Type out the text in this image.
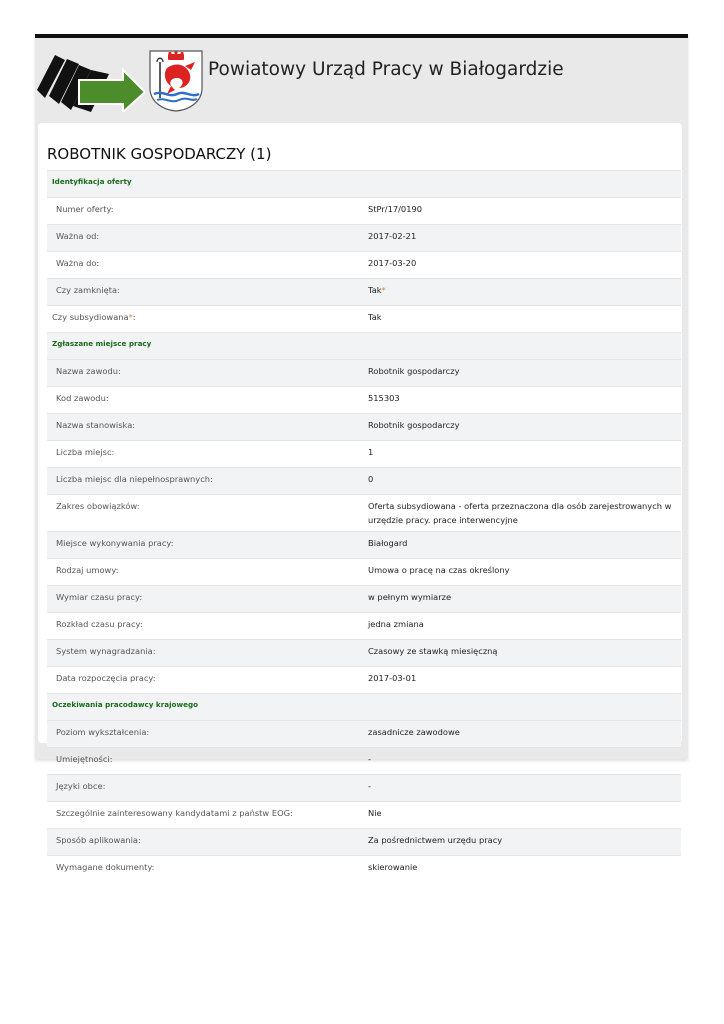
Powiatowy Urząd Pracy w Białogardzie
ROBOTNIK GOSPODARCZY (1)
Identyfikacja oferty	
Numer oferty:	StPr/17/0190
Ważna od:	2017-02-21
Ważna do:	2017-03-20
Czy zamknięta:	Tak*
Czy subsydiowana*:	Tak
Zgłaszane miejsce pracy	
Nazwa zawodu:	Robotnik gospodarczy
Kod zawodu:	515303
Nazwa stanowiska:	Robotnik gospodarczy
Liczba miejsc:	1
Liczba miejsc dla niepełnosprawnych:	0
Zakres obowiązków:	Oferta subsydiowana - oferta przeznaczona dla osób zarejestrowanych w urzędzie pracy. prace interwencyjne
Miejsce wykonywania pracy:	Białogard
Rodzaj umowy:	Umowa o pracę na czas określony
Wymiar czasu pracy:	w pełnym wymiarze
Rozkład czasu pracy:	jedna zmiana
System wynagradzania:	Czasowy ze stawką miesięczną
Data rozpoczęcia pracy:	2017-03-01
Oczekiwania pracodawcy krajowego	
Poziom wykształcenia:	zasadnicze zawodowe
Umiejętności:	-
Języki obce:	-
Szczególnie zainteresowany kandydatami z państw EOG:	Nie
Sposób aplikowania:	Za pośrednictwem urzędu pracy
Wymagane dokumenty:	skierowanie
